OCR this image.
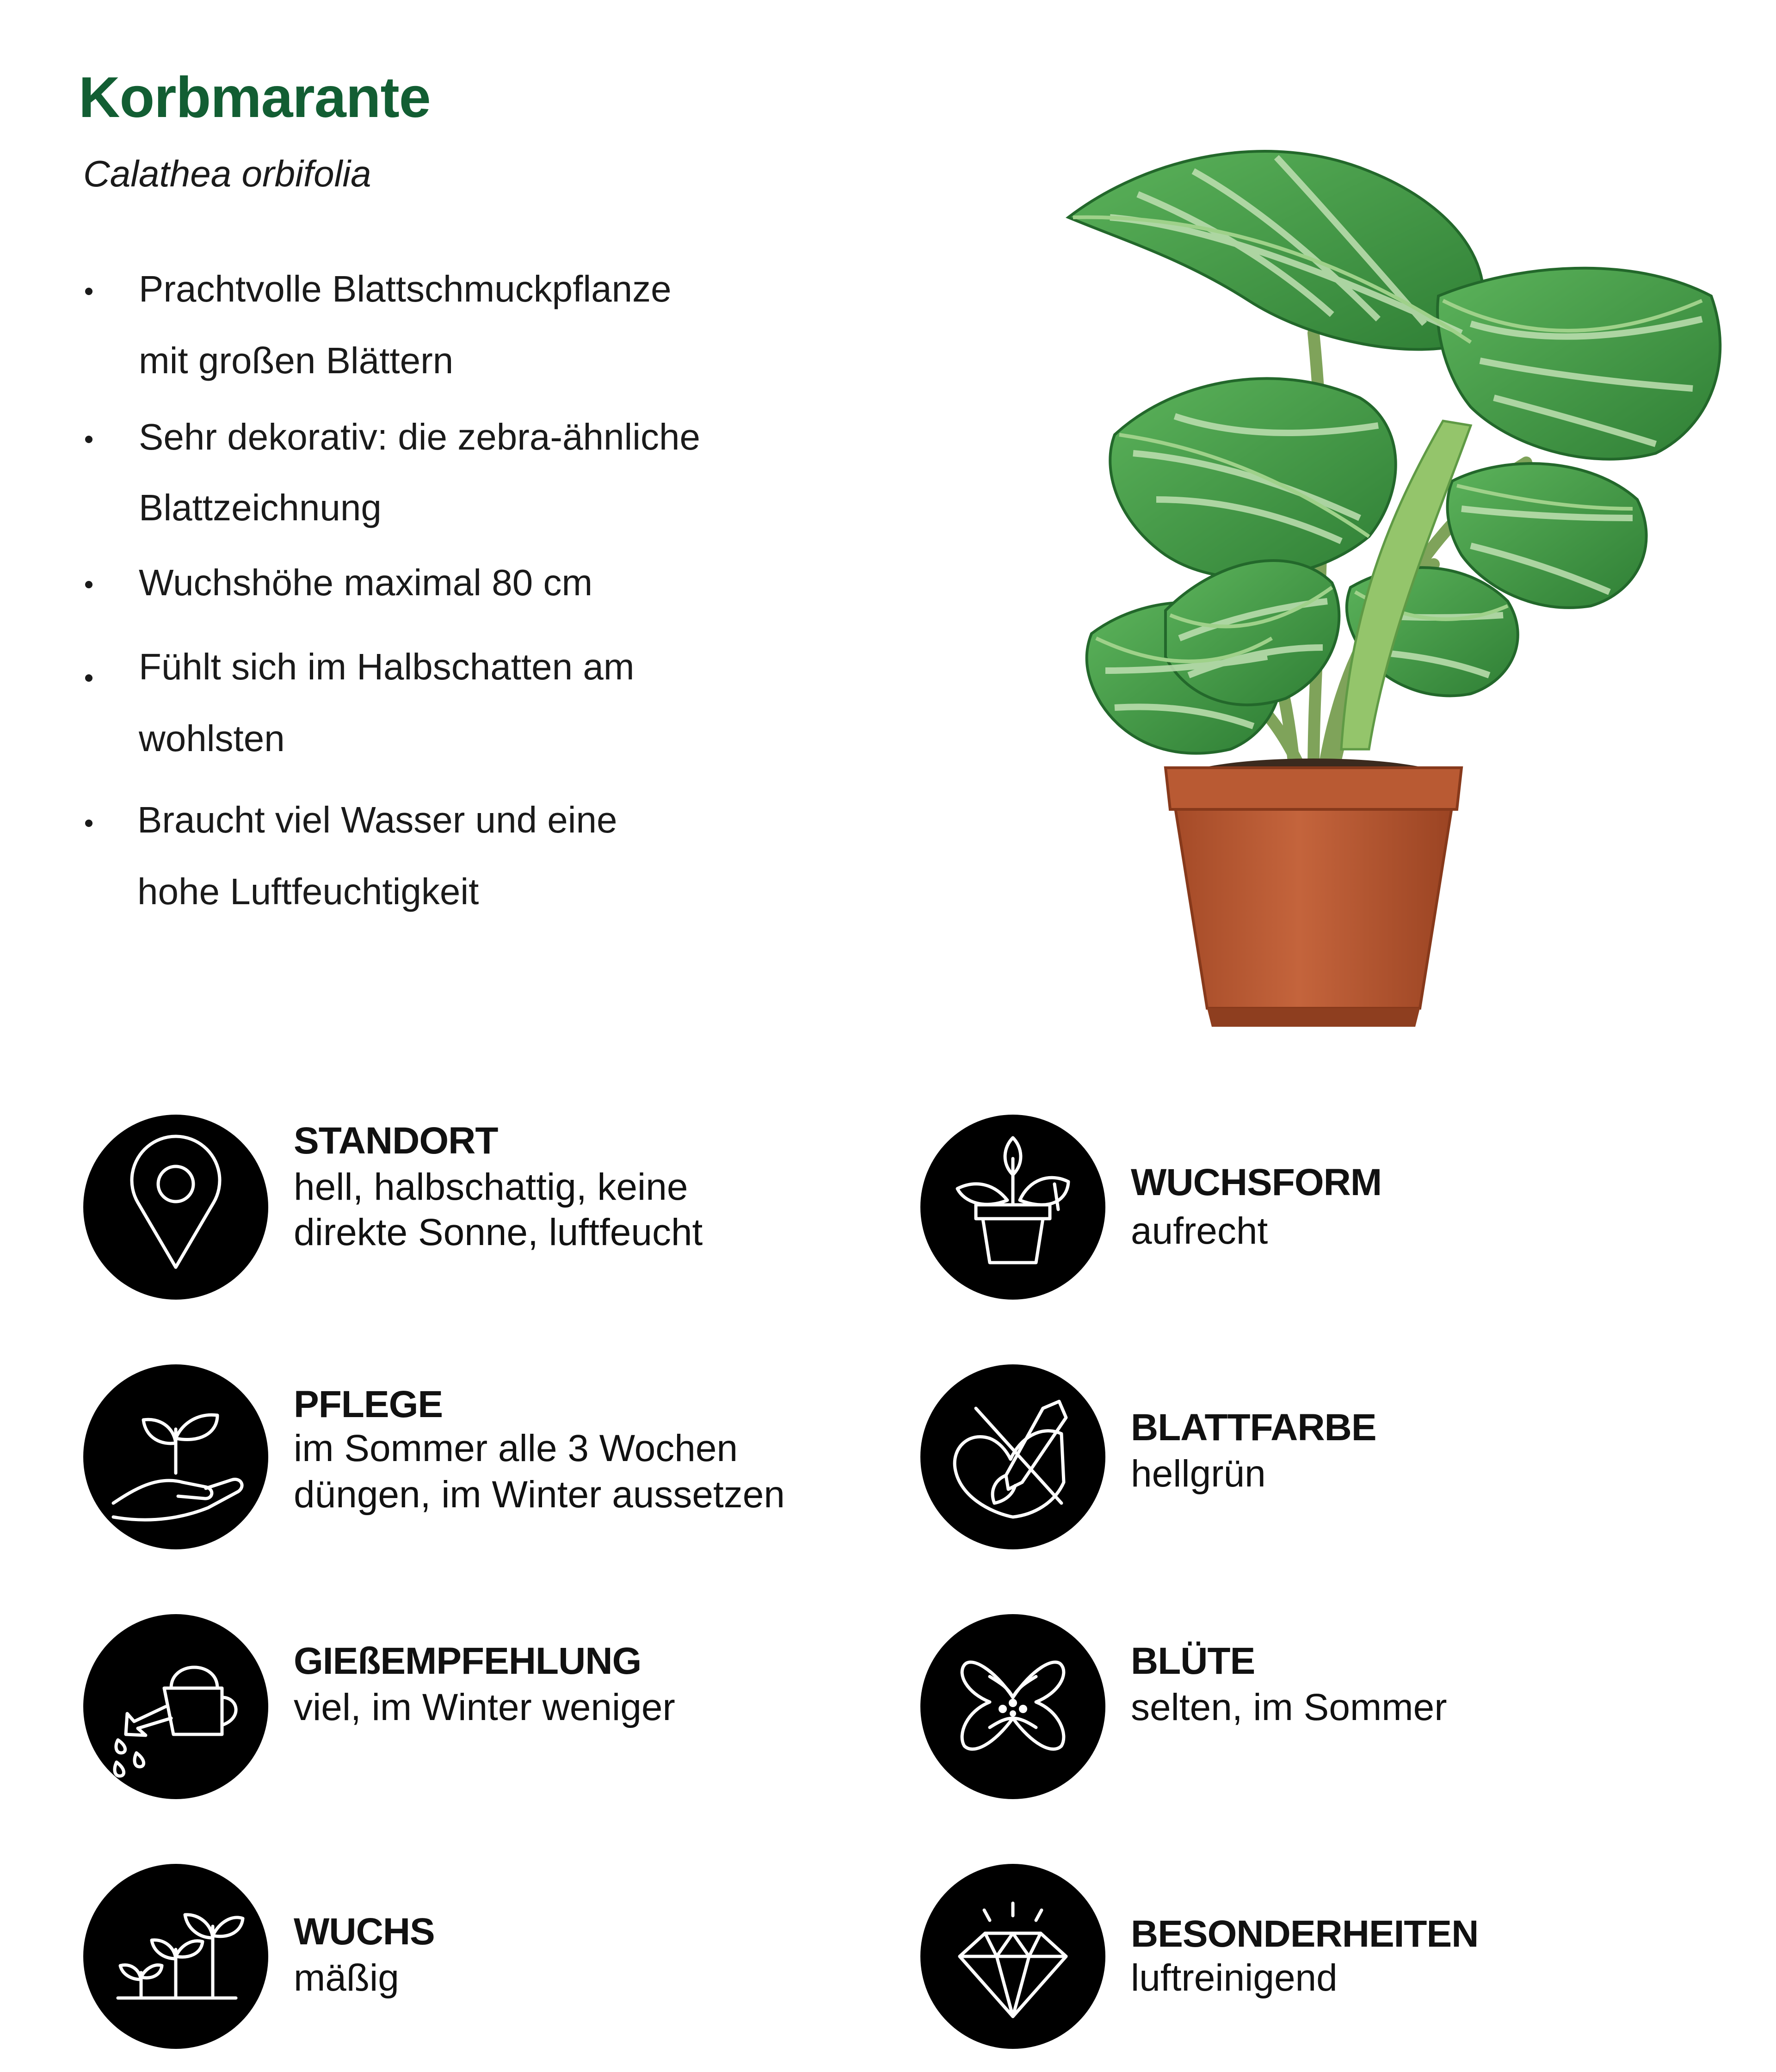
Korbmarante

Calathea orbifolia

Prachtvolle Blattschmuckpflanze
mit großen Blättern
Sehr dekorativ: die zebra-ähnliche
Blattzeichnung
Wuchshöhe maximal 80 cm
Fühlt sich im Halbschatten am
wohlsten
Braucht viel Wasser und eine
hohe Luftfeuchtigkeit
STANDORT
hell, halbschattig, keine
direkte Sonne, luftfeucht
WUCHSFORM
aufrecht
PFLEGE
im Sommer alle 3 Wochen
düngen, im Winter aussetzen
BLATTFARBE
hellgrün
GIEßEMPFEHLUNG
viel, im Winter weniger
BLÜTE
selten, im Sommer
WUCHS
mäßig
BESONDERHEITEN
luftreinigend
